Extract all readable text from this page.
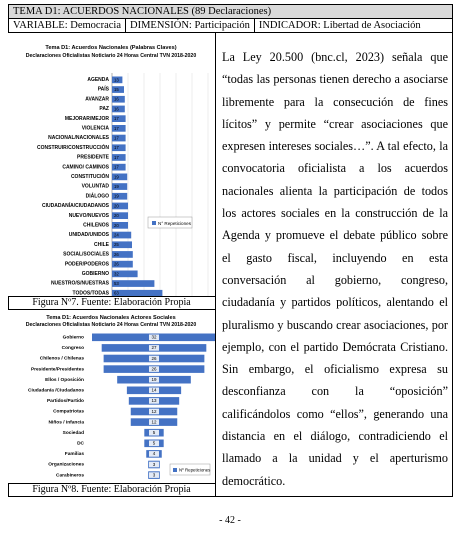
TEMA D1: ACUERDOS NACIONALES (89 Declaraciones)
VARIABLE: Democracia DIMENSIÓN: Participación INDICADOR: Libertad de Asociación
Tema D1: Acuerdos Nacionales (Palabras Claves)
Declaraciones Oficialistas Noticiario 24 Horas Central TVN 2018-2020
AGENDA 13
PAÍS 15
AVANZAR 16
PAZ 16
MEJORAR/MEJOR 17
VIOLENCIA 17
NACIONAL/NACIONALES 17
CONSTRUIR/CONSTRUCCIÓN 17
PRESIDENTE 17
CAMINO/ CAMINOS 17
CONSTITUCIÓN 19
VOLUNTAD 19
DIÁLOGO 19
CIUDADANÍA/CIUDADANOS 20
NUEVO/NUEVOS 20
CHILENOS 20
UNIDAD/UNIDOS 24
CHILE 25
SOCIAL/SOCIALES 26
PODER/PODEROS 26
GOBIERNO 32
NUESTRO/S/NUESTRAS 53
TODOS/TODAS 63
N° Repeticiones
Figura Nº7. Fuente: Elaboración Propia
Tema D1: Acuerdos Nacionales Actores Sociales
Declaraciones Oficialistas Noticiario 24 Horas Central TVN 2018-2020
Gobierno	32
Congreso	27
Chilenos / Chilenas	26
Presidente/Presidentes	26
Ellos / Oposición	19
Ciudadanía /Ciudadanos	14
Partidos/Partido	13
Compatriotas	12
Niños / Infancia	12
Sociedad	5
DC	5
Familias	4
Organizaciones	3
Carabineros	3
Nº Repeticiones
Figura Nº8. Fuente: Elaboración Propia
La Ley 20.500 (bnc.cl, 2023) señala que “todas las personas tienen derecho a asociarse libremente para la consecución de fines lícitos” y permite “crear asociaciones que expresen intereses sociales…”. A tal efecto, la convocatoria oficialista a los acuerdos nacionales alienta la participación de todos los actores sociales en la construcción de la Agenda y promueve el debate público sobre el gasto fiscal, incluyendo en esta conversación al gobierno, congreso, ciudadanía y partidos políticos, alentando el pluralismo y buscando crear asociaciones, por ejemplo, con el partido Demócrata Cristiano. Sin embargo, el oficialismo expresa su desconfianza con la “oposición” calificándolos como “ellos”, generando una distancia en el diálogo, contradiciendo el llamado a la unidad y el aperturismo democrático.
- 42 -
